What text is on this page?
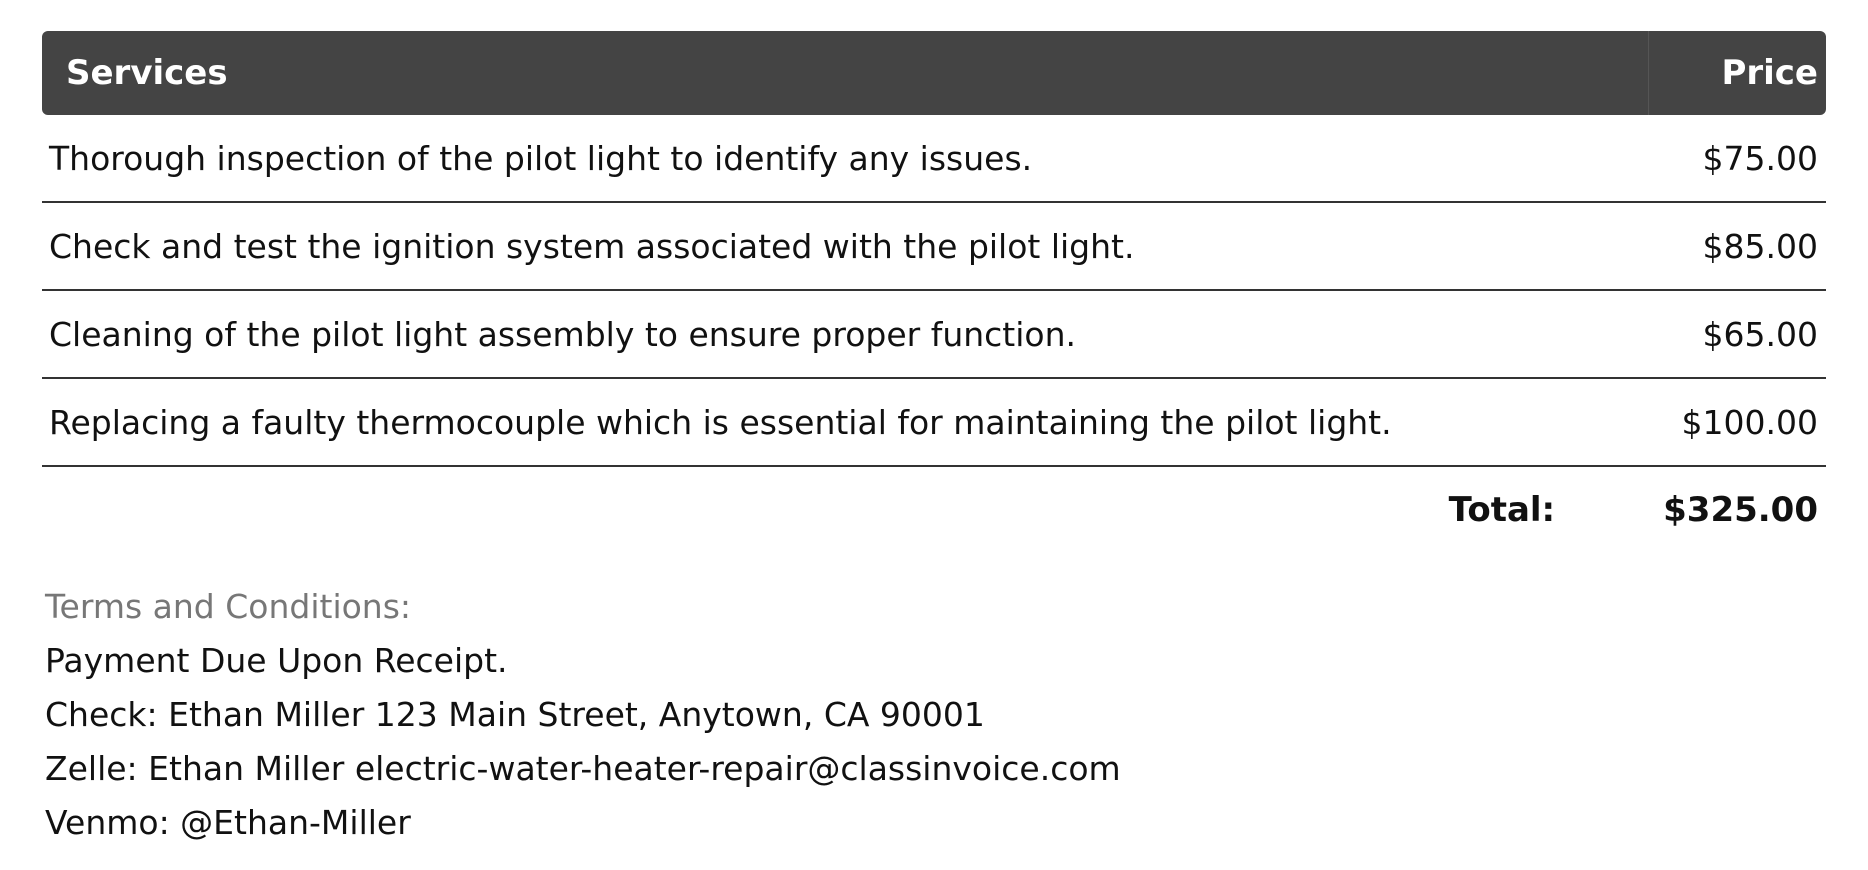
Services	Price
Thorough inspection of the pilot light to identify any issues.	$75.00
Check and test the ignition system associated with the pilot light.	$85.00
Cleaning of the pilot light assembly to ensure proper function.	$65.00
Replacing a faulty thermocouple which is essential for maintaining the pilot light.	$100.00
Total:	$325.00
Terms and Conditions:
Payment Due Upon Receipt.
Check: Ethan Miller 123 Main Street, Anytown, CA 90001
Zelle: Ethan Miller electric-water-heater-repair@classinvoice.com
Venmo: @Ethan-Miller
